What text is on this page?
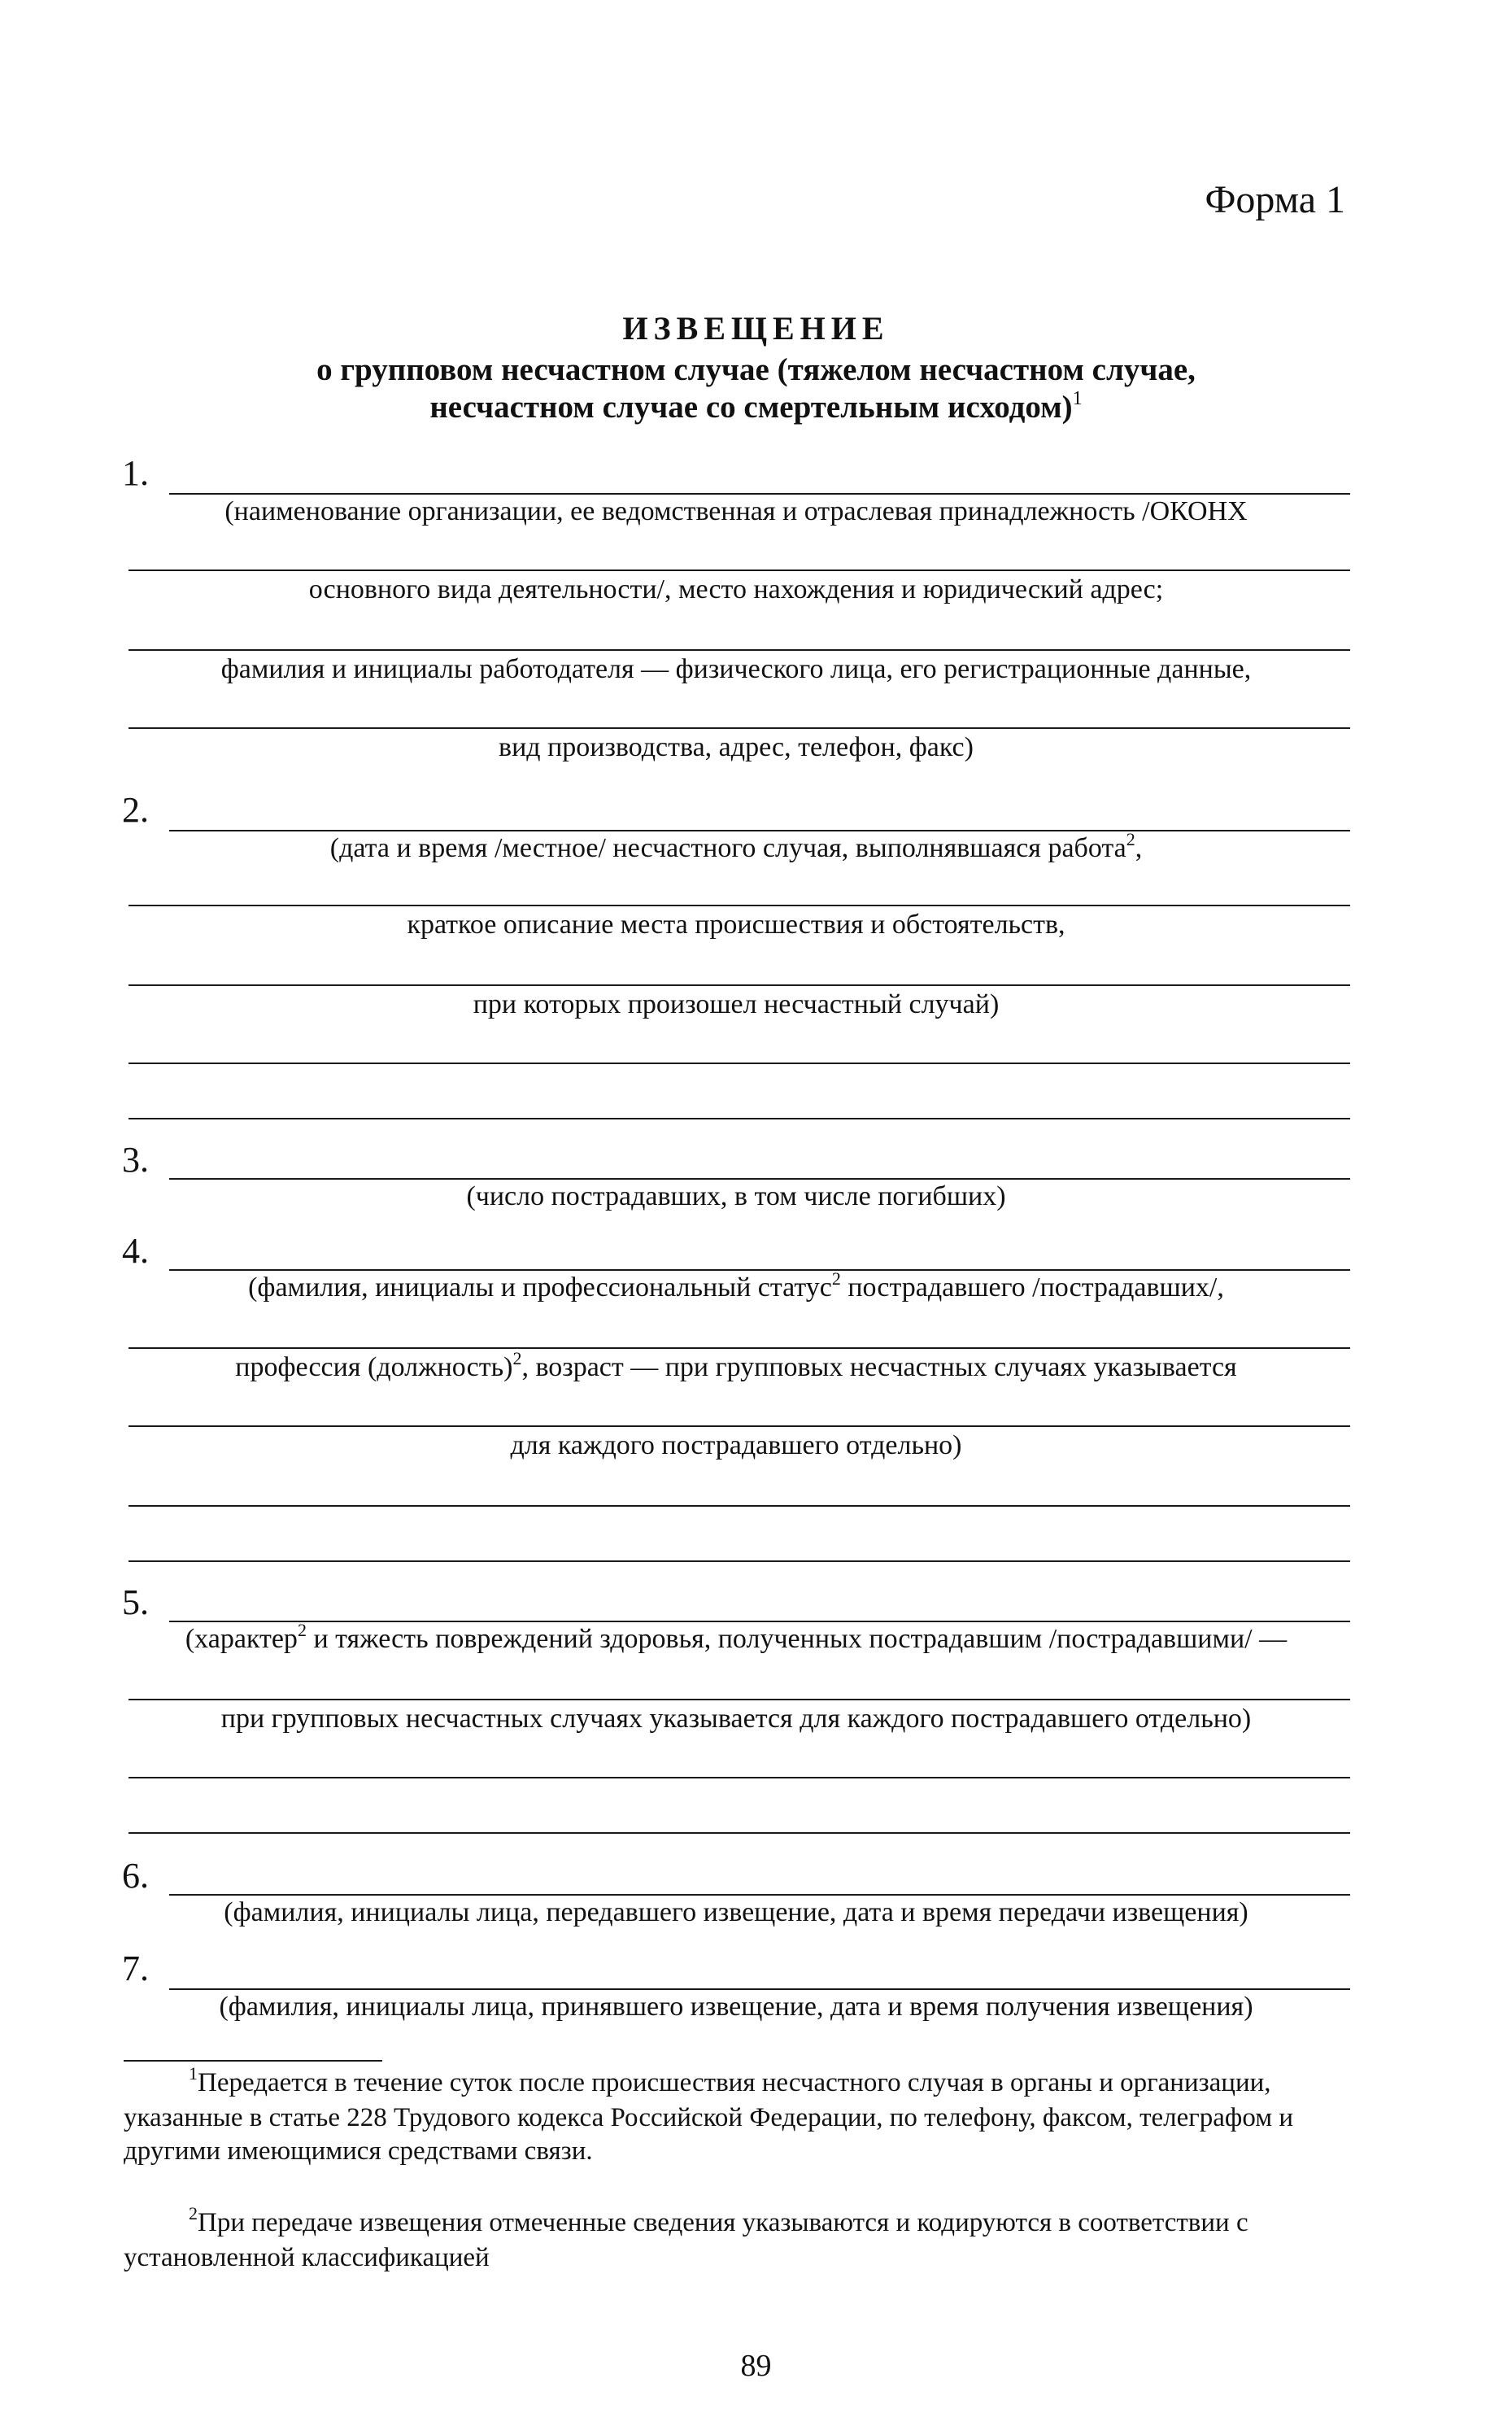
Форма 1
ИЗВЕЩЕНИЕ
о групповом несчастном случае (тяжелом несчастном случае,
несчастном случае со смертельным исходом)$^1$
1.
(наименование организации, ее ведомственная и отраслевая принадлежность /ОКОНХ
основного вида деятельности/, место нахождения и юридический адрес;
фамилия и инициалы работодателя — физического лица, его регистрационные данные,
вид производства, адрес, телефон, факс)
2.
(дата и время /местное/ несчастного случая, выполнявшаяся работа$^2$,
краткое описание места происшествия и обстоятельств,
при которых произошел несчастный случай)
3.
(число пострадавших, в том числе погибших)
4.
(фамилия, инициалы и профессиональный статус$^2$ пострадавшего /пострадавших/,
профессия (должность)$^2$, возраст — при групповых несчастных случаях указывается
для каждого пострадавшего отдельно)
5.
(характер$^2$ и тяжесть повреждений здоровья, полученных пострадавшим /пострадавшими/ —
при групповых несчастных случаях указывается для каждого пострадавшего отдельно)
6.
(фамилия, инициалы лица, передавшего извещение, дата и время передачи извещения)
7.
(фамилия, инициалы лица, принявшего извещение, дата и время получения извещения)
$^1$Передается в течение суток после происшествия несчастного случая в органы и организации, указанные в статье 228 Трудового кодекса Российской Федерации, по телефону, факсом, телеграфом и другими имеющимися средствами связи.
$^2$При передаче извещения отмеченные сведения указываются и кодируются в соответствии с установленной классификацией
89
